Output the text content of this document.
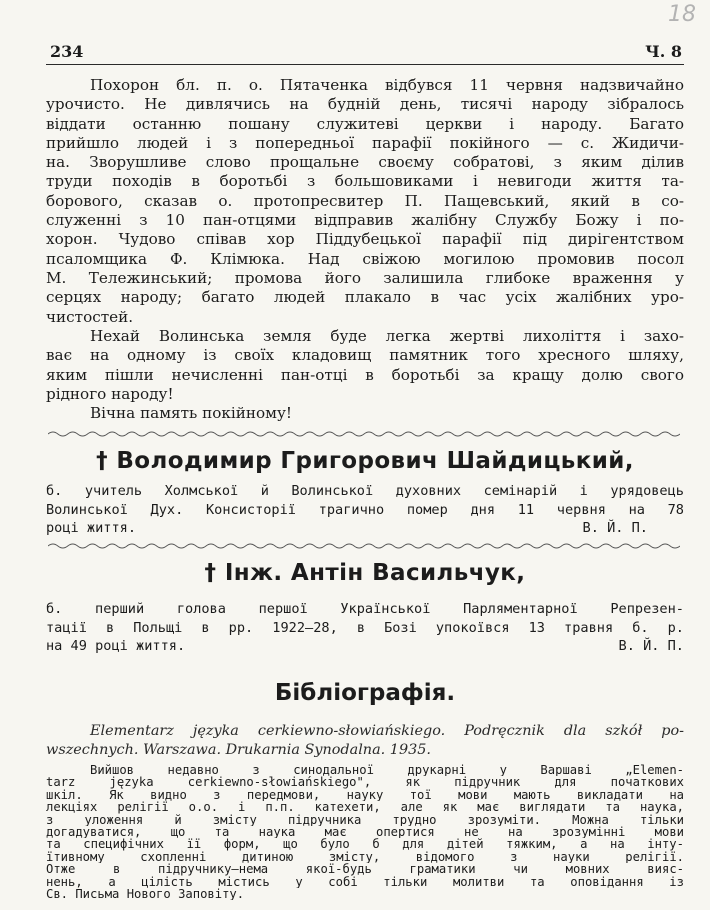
18
234	Ч. 8
Похорон бл. п. о. Пятаченка відбувся 11 червня надзвичайно
урочисто. Не дивлячись на будній день, тисячі народу зібралось
віддати останню пошану служитеві церкви і народу. Багато
прийшло людей і з попередньої парафії покійного — с. Жидичи-
на. Зворушливе слово прощальне своєму собратові, з яким ділив
труди походів в боротьбі з большовиками і невигоди життя та-
борового, сказав о. протопресвитер П. Пащевський, який в со-
служенні з 10 пан-отцями відправив жалібну Службу Божу і по-
хорон. Чудово співав хор Піддубецької парафії під дирігентством
псаломщика Ф. Клімюка. Над свіжою могилою промовив посол
М. Тележинський; промова його залишила глибоке враження у
серцях народу; багато людей плакало в час усіх жалібних уро-
чистостей.
Нехай Волинська земля буде легка жертві лихоліття і захо-
ває на одному із своїх кладовищ памятник того хресного шляху,
яким пішли нечисленні пан-отці в боротьбі за кращу долю свого
рідного народу!
Вічна память покійному!
† Володимир Григорович Шайдицький,
б. учитель Холмської й Волинської духовних семінарій і урядовець
Волинської Дух. Консисторії трагично помер дня 11 червня на 78
році життя.	В. Й. П.
† Інж. Антін Васильчук,
б. перший голова першої Української Парляментарної Репрезен-
тації в Польщі в рр. 1922—28, в Бозі упокоївся 13 травня б. р.
на 49 році життя.	В. Й. П.
Бібліографія.
Elementarz języka cerkiewno-słowiańskiego. Podręcznik dla szkół po-
wszechnych. Warszawa. Drukarnia Synodalna. 1935.
Вийшов недавно з синодальної друкарні у Варшаві „Elemen-
tarz języka cerkiewno-słowiańskiego", як підручник для початкових
шкіл. Як видно з передмови, науку тої мови мають викладати на
лекціях релігії о.о. і п.п. катехети, але як має виглядати та наука,
з уложення й змісту підручника трудно зрозуміти. Можна тільки
догадуватися, що та наука має опертися не на зрозумінні мови
та специфічних її форм, що було б для дітей тяжким, а на інту-
їтивному схопленні дитиною змісту, відомого з науки релігії.
Отже в підручнику—нема якої-будь граматики чи мовних вияс-
нень, а цілість містись у собі тільки молитви та оповідання із
Св. Письма Нового Заповіту.
